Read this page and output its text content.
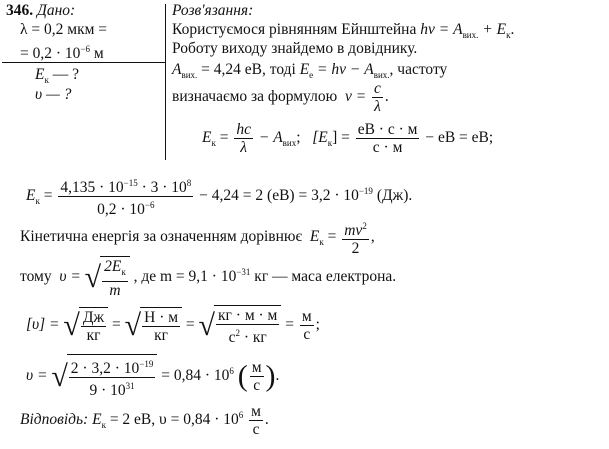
346. Дано:	Розв'язання:
λ = 0,2 мкм =
= $0,2 \cdot 10^{-6}$ м
$E_к$ — ?
υ — ?
Користуємося рівнянням Ейнштейна $h\nu = A_{вих.} + E_к$.
Роботу виходу знайдемо в довіднику.
$A_{вих.} = 4,24$ еВ, тоді $E_e = h\nu - A_{вих.}$, частоту
визначаємо за формулою $\nu = \frac{c}{\lambda}$ .
$E_к = \frac{hc}{\lambda} - A_{вих}$; $[E_к] = \frac{еВ \cdot с \cdot м}{с \cdot м}$ − еВ = еВ;
$E_к = \frac{4,135 \cdot 10^{-15} \cdot 3 \cdot 10^8}{0,2 \cdot 10^{-6}} - 4,24 = 2$ $(еВ) = 3,2 \cdot 10^{-19}$ (Дж).
Кінетична енергія за означенням дорівнює $E_к = \frac{mv^2}{2}$ ,
тому υ = √ $\frac{2E_к}{m}$ , де $m = 9,1 \cdot 10^{-31}$ кг — маса електрона.
[υ] = √ $\frac{Дж}{кг}$ = √ $\frac{Н \cdot м}{кг}$ = √ $\frac{кг \cdot м \cdot м}{с^2 \cdot кг} = \frac{м}{с}$ ;
υ = √ $\frac{2 \cdot 3,2 \cdot 10^{-19}}{9 \cdot 10^{31}} = 0,84 \cdot 10^6$ ( $\frac{м}{с}$ ).
Відповідь: $E_к = 2$ еВ, $\upsilon = 0,84 \cdot 10^6 \frac{м}{с}$ .
